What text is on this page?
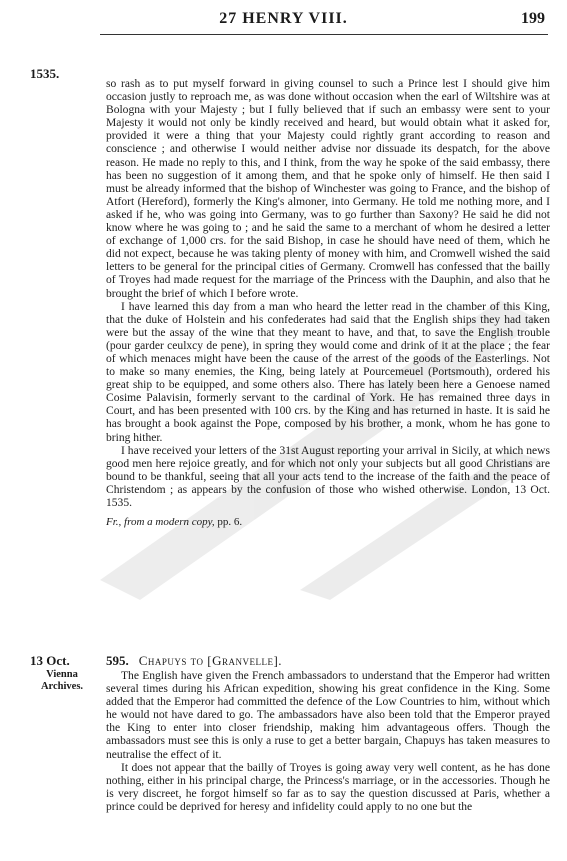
27 HENRY VIII.	199
1535.

so rash as to put myself forward in giving counsel to such a Prince lest I should give him occasion justly to reproach me, as was done without occasion when the earl of Wiltshire was at Bologna with your Majesty ; but I fully believed that if such an embassy were sent to your Majesty it would not only be kindly received and heard, but would obtain what it asked for, provided it were a thing that your Majesty could rightly grant according to reason and conscience ; and otherwise I would neither advise nor dissuade its despatch, for the above reason. He made no reply to this, and I think, from the way he spoke of the said embassy, there has been no suggestion of it among them, and that he spoke only of himself. He then said I must be already informed that the bishop of Winchester was going to France, and the bishop of Atfort (Hereford), formerly the King's almoner, into Germany. He told me nothing more, and I asked if he, who was going into Germany, was to go further than Saxony? He said he did not know where he was going to ; and he said the same to a merchant of whom he desired a letter of exchange of 1,000 crs. for the said Bishop, in case he should have need of them, which he did not expect, because he was taking plenty of money with him, and Cromwell wished the said letters to be general for the principal cities of Germany. Cromwell has confessed that the bailly of Troyes had made request for the marriage of the Princess with the Dauphin, and also that he brought the brief of which I before wrote.

I have learned this day from a man who heard the letter read in the chamber of this King, that the duke of Holstein and his confederates had said that the English ships they had taken were but the assay of the wine that they meant to have, and that, to save the English trouble (pour garder ceulxcy de pene), in spring they would come and drink of it at the place ; the fear of which menaces might have been the cause of the arrest of the goods of the Easterlings. Not to make so many enemies, the King, being lately at Pourcemeuel (Portsmouth), ordered his great ship to be equipped, and some others also. There has lately been here a Genoese named Cosime Palavisin, formerly servant to the cardinal of York. He has remained three days in Court, and has been presented with 100 crs. by the King and has returned in haste. It is said he has brought a book against the Pope, composed by his brother, a monk, whom he has gone to bring hither.

I have received your letters of the 31st August reporting your arrival in Sicily, at which news good men here rejoice greatly, and for which not only your subjects but all good Christians are bound to be thankful, seeing that all your acts tend to the increase of the faith and the peace of Christendom ; as appears by the confusion of those who wished otherwise. London, 13 Oct. 1535.

Fr., from a modern copy, pp. 6.

13 Oct.
Vienna
Archives.
595. Chapuys to [Granvelle].

The English have given the French ambassadors to understand that the Emperor had written several times during his African expedition, showing his great confidence in the King. Some added that the Emperor had committed the defence of the Low Countries to him, without which he would not have dared to go. The ambassadors have also been told that the Emperor prayed the King to enter into closer friendship, making him advantageous offers. Though the ambassadors must see this is only a ruse to get a better bargain, Chapuys has taken measures to neutralise the effect of it.

It does not appear that the bailly of Troyes is going away very well content, as he has done nothing, either in his principal charge, the Princess's marriage, or in the accessories. Though he is very discreet, he forgot himself so far as to say the question discussed at Paris, whether a prince could be deprived for heresy and infidelity could apply to no one but the
